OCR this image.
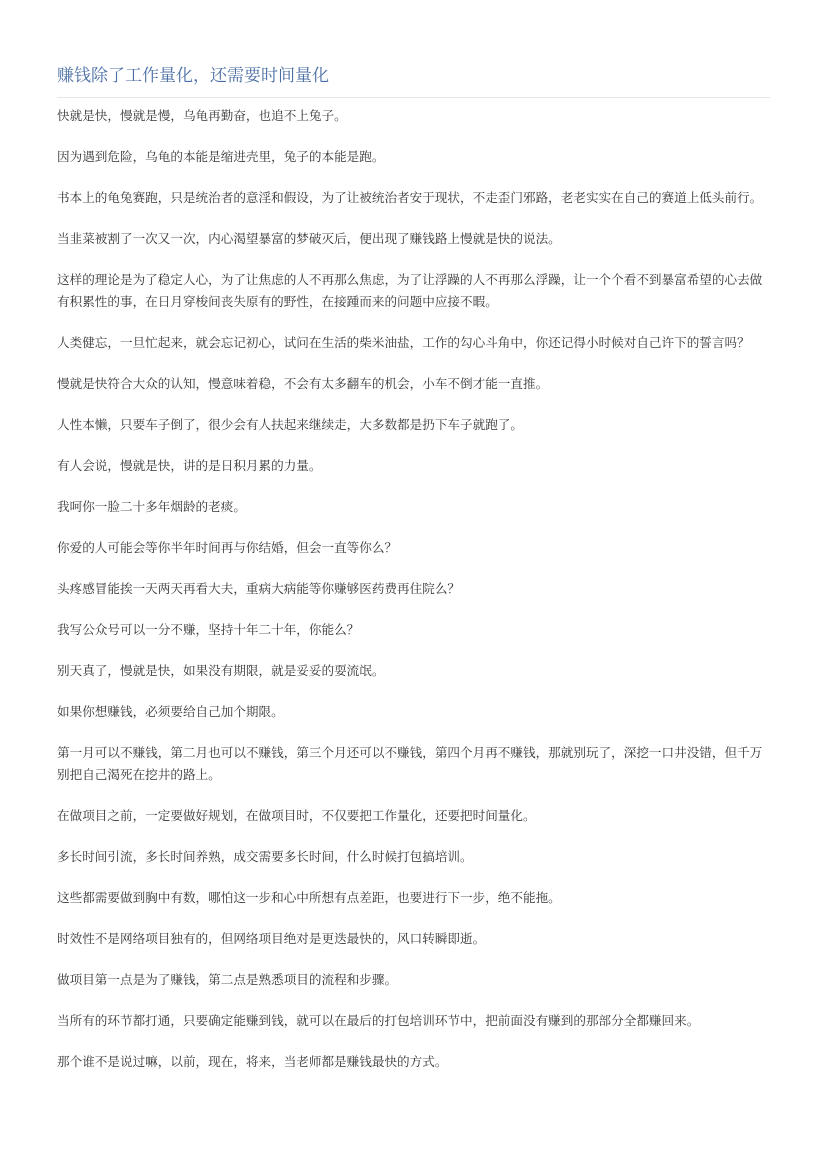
赚钱除了工作量化，还需要时间量化

快就是快，慢就是慢，乌龟再勤奋，也追不上兔子。

因为遇到危险，乌龟的本能是缩进壳里，兔子的本能是跑。

书本上的龟兔赛跑，只是统治者的意淫和假设，为了让被统治者安于现状，不走歪门邪路，老老实实在自己的赛道上低头前行。

当韭菜被割了一次又一次，内心渴望暴富的梦破灭后，便出现了赚钱路上慢就是快的说法。

这样的理论是为了稳定人心，为了让焦虑的人不再那么焦虑，为了让浮躁的人不再那么浮躁，让一个个看不到暴富希望的心去做有积累性的事，在日月穿梭间丧失原有的野性，在接踵而来的问题中应接不暇。

人类健忘，一旦忙起来，就会忘记初心，试问在生活的柴米油盐，工作的勾心斗角中，你还记得小时候对自己许下的誓言吗？

慢就是快符合大众的认知，慢意味着稳，不会有太多翻车的机会，小车不倒才能一直推。

人性本懒，只要车子倒了，很少会有人扶起来继续走，大多数都是扔下车子就跑了。

有人会说，慢就是快，讲的是日积月累的力量。

我呵你一脸二十多年烟龄的老痰。

你爱的人可能会等你半年时间再与你结婚，但会一直等你么？

头疼感冒能挨一天两天再看大夫，重病大病能等你赚够医药费再住院么？

我写公众号可以一分不赚，坚持十年二十年，你能么？

别天真了，慢就是快，如果没有期限，就是妥妥的耍流氓。

如果你想赚钱，必须要给自己加个期限。

第一月可以不赚钱，第二月也可以不赚钱，第三个月还可以不赚钱，第四个月再不赚钱，那就别玩了，深挖一口井没错，但千万别把自己渴死在挖井的路上。

在做项目之前，一定要做好规划，在做项目时，不仅要把工作量化，还要把时间量化。

多长时间引流，多长时间养熟，成交需要多长时间，什么时候打包搞培训。

这些都需要做到胸中有数，哪怕这一步和心中所想有点差距，也要进行下一步，绝不能拖。

时效性不是网络项目独有的，但网络项目绝对是更迭最快的，风口转瞬即逝。

做项目第一点是为了赚钱，第二点是熟悉项目的流程和步骤。

当所有的环节都打通，只要确定能赚到钱，就可以在最后的打包培训环节中，把前面没有赚到的那部分全都赚回来。

那个谁不是说过嘛，以前，现在，将来，当老师都是赚钱最快的方式。
